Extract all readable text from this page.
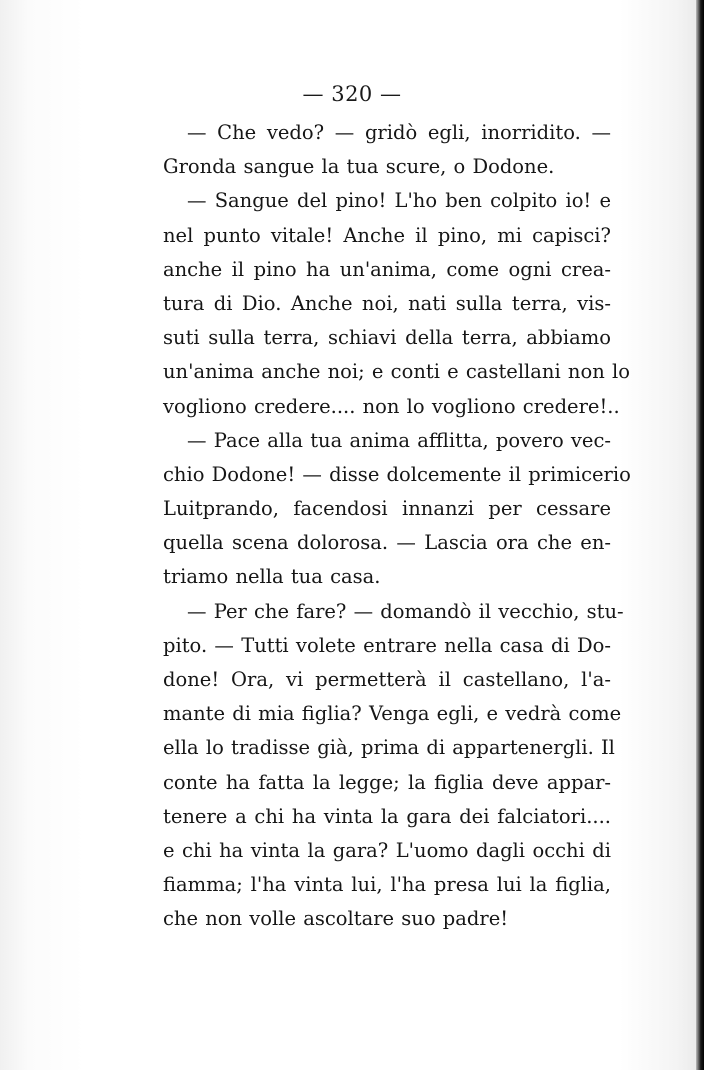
— 320 —
— Che vedo? — gridò egli, inorridito. —
Gronda sangue la tua scure, o Dodone.
— Sangue del pino! L'ho ben colpito io! e
nel punto vitale! Anche il pino, mi capisci?
anche il pino ha un'anima, come ogni crea-
tura di Dio. Anche noi, nati sulla terra, vis-
suti sulla terra, schiavi della terra, abbiamo
un'anima anche noi; e conti e castellani non lo
vogliono credere.... non lo vogliono credere!..
— Pace alla tua anima afflitta, povero vec-
chio Dodone! — disse dolcemente il primicerio
Luitprando, facendosi innanzi per cessare
quella scena dolorosa. — Lascia ora che en-
triamo nella tua casa.
— Per che fare? — domandò il vecchio, stu-
pito. — Tutti volete entrare nella casa di Do-
done! Ora, vi permetterà il castellano, l'a-
mante di mia figlia? Venga egli, e vedrà come
ella lo tradisse già, prima di appartenergli. Il
conte ha fatta la legge; la figlia deve appar-
tenere a chi ha vinta la gara dei falciatori....
e chi ha vinta la gara? L'uomo dagli occhi di
fiamma; l'ha vinta lui, l'ha presa lui la figlia,
che non volle ascoltare suo padre!
